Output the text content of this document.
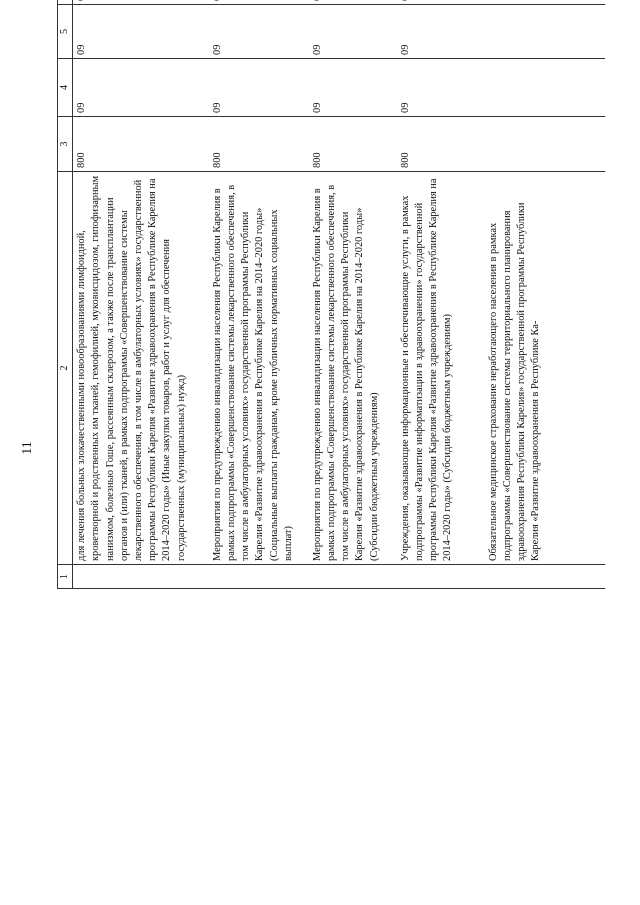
11
1	2	3	4	5			
	для лечения больных злокачественными новообразованиями лимфоидной, кроветворной и родственных им тканей, гемофилией, муковисцидозом, гипофизарным нанизмом, болезнью Гоше, рассеянным склерозом, а также после трансплантации органов и (или) тканей, в рамках подпрограммы «Совершенствование системы лекарственного обеспечения, в том числе в амбулаторных условиях» государственной программы Республики Карелия «Развитие здравоохранения в Республике Карелия на 2014–2020 годы» (Иные закупки товаров, работ и услуг для обеспечения государственных (муниципальных) нужд)	800	09	09			
	Мероприятия по предупреждению инвалидизации населения Республики Карелия в рамках подпрограммы «Совершенствование системы лекарственного обеспечения, в том числе в амбулаторных условиях» государственной программы Республики Карелия «Развитие здравоохранения в Республике Карелия на 2014–2020 годы» (Социальные выплаты гражданам, кроме публичных нормативных социальных выплат)	800	09	09			
	Мероприятия по предупреждению инвалидизации населения Республики Карелия в рамках подпрограммы «Совершенствование системы лекарственного обеспечения, в том числе в амбулаторных условиях» государственной программы Республики Карелия «Развитие здравоохранения в Республике Карелия на 2014–2020 годы» (Субсидии бюджетным учреждениям)	800	09	09			
	Учреждения, оказывающие информационные и обеспечивающие услуги, в рамках подпрограммы «Развитие информатизации в здравоохранении» государственной программы Республики Карелия «Развитие здравоохранения в Республике Карелия на 2014–2020 годы» (Субсидии бюджетным учреждениям)	800	09	09			
	Обязательное медицинское страхование неработающего населения в рамках подпрограммы «Совершенствование системы территориального планирования здравоохранения Республики Карелия» государственной программы Республики Карелия «Развитие здравоохранения в Республике Ка-						
